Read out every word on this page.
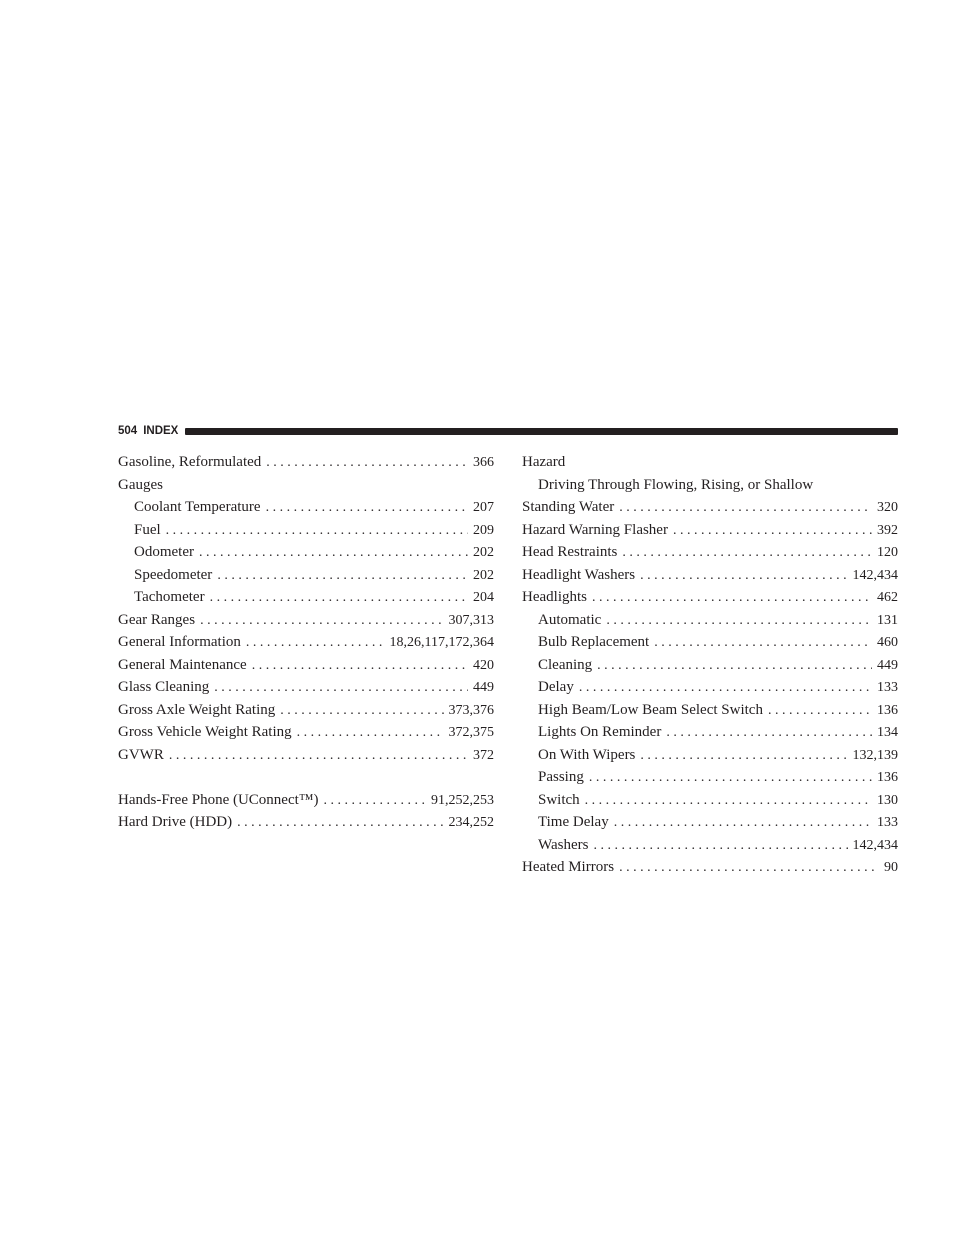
504 INDEX
Gasoline, Reformulated . . .	366
Gauges
Coolant Temperature . . .	207
Fuel . . .	209
Odometer . . .	202
Speedometer . . .	202
Tachometer . . .	204
Gear Ranges . . .	307,313
General Information . . .	18,26,117,172,364
General Maintenance . . .	420
Glass Cleaning . . .	449
Gross Axle Weight Rating . . .	373,376
Gross Vehicle Weight Rating . . .	372,375
GVWR . . .	372
Hands-Free Phone (UConnect™) . . .	91,252,253
Hard Drive (HDD) . . .	234,252
Hazard
Driving Through Flowing, Rising, or Shallow
Standing Water . . .	320
Hazard Warning Flasher . . .	392
Head Restraints . . .	120
Headlight Washers . . .	142,434
Headlights . . .	462
Automatic . . .	131
Bulb Replacement . . .	460
Cleaning . . .	449
Delay . . .	133
High Beam/Low Beam Select Switch . . .	136
Lights On Reminder . . .	134
On With Wipers . . .	132,139
Passing . . .	136
Switch . . .	130
Time Delay . . .	133
Washers . . .	142,434
Heated Mirrors . . .	90
